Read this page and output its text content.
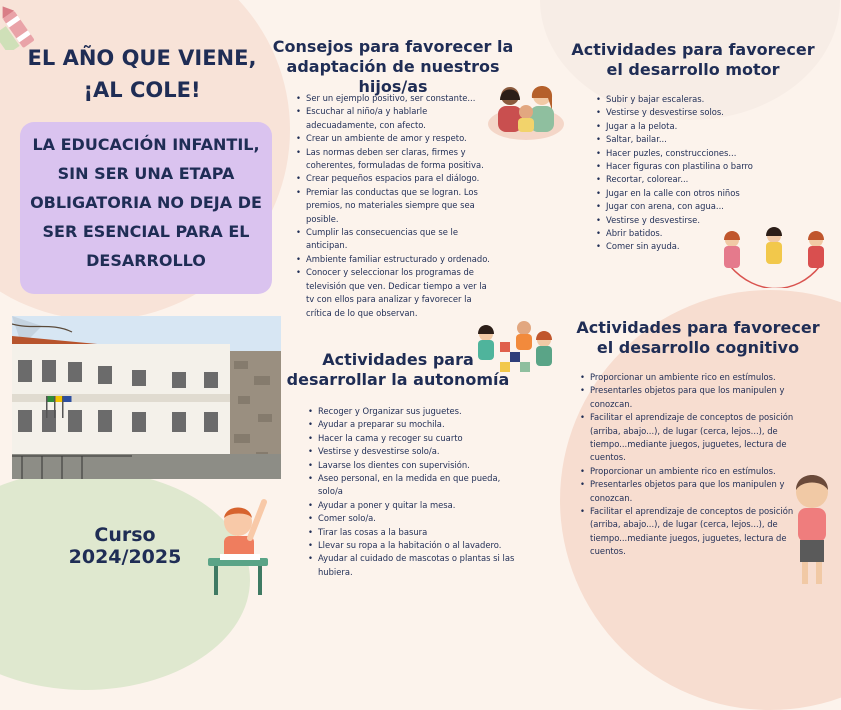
EL AÑO QUE VIENE,
¡AL COLE!

LA EDUCACIÓN INFANTIL, SIN SER UNA ETAPA OBLIGATORIA NO DEJA DE SER ESENCIAL PARA EL DESARROLLO

Curso
2024/2025
Consejos para favorecer la
adaptación de nuestros hijos/as
• Ser un ejemplo positivo, ser constante...
• Escuchar al niño/a y hablarle adecuadamente, con afecto.
• Crear un ambiente de amor y respeto.
• Las normas deben ser claras, firmes y coherentes, formuladas de forma positiva.
• Crear pequeños espacios para el diálogo.
• Premiar las conductas que se logran. Los premios, no materiales siempre que sea posible.
• Cumplir las consecuencias que se le anticipan.
• Ambiente familiar estructurado y ordenado.
• Conocer y seleccionar los programas de televisión que ven. Dedicar tiempo a ver la tv con ellos para analizar y favorecer la crítica de lo que observan.
Actividades para
desarrollar la autonomía
• Recoger y Organizar sus juguetes.
• Ayudar a preparar su mochila.
• Hacer la cama y recoger su cuarto
• Vestirse y desvestirse solo/a.
• Lavarse los dientes con supervisión.
• Aseo personal, en la medida en que pueda, solo/a
• Ayudar a poner y quitar la mesa.
• Comer solo/a.
• Tirar las cosas a la basura
• Llevar su ropa a la habitación o al lavadero.
• Ayudar al cuidado de mascotas o plantas si las hubiera.
Actividades para favorecer
el desarrollo motor
• Subir y bajar escaleras.
• Vestirse y desvestirse solos.
• Jugar a la pelota.
• Saltar, bailar...
• Hacer puzles, construcciones...
• Hacer figuras con plastilina o barro
• Recortar, colorear...
• Jugar en la calle con otros niños
• Jugar con arena, con agua...
• Vestirse y desvestirse.
• Abrir batidos.
• Comer sin ayuda.
Actividades para favorecer
el desarrollo cognitivo
• Proporcionar un ambiente rico en estímulos.
• Presentarles objetos para que los manipulen y conozcan.
• Facilitar el aprendizaje de conceptos de posición (arriba, abajo...), de lugar (cerca, lejos...), de tiempo...mediante juegos, juguetes, lectura de cuentos.
• Proporcionar un ambiente rico en estímulos.
• Presentarles objetos para que los manipulen y conozcan.
• Facilitar el aprendizaje de conceptos de posición (arriba, abajo...), de lugar (cerca, lejos...), de tiempo...mediante juegos, juguetes, lectura de cuentos.
